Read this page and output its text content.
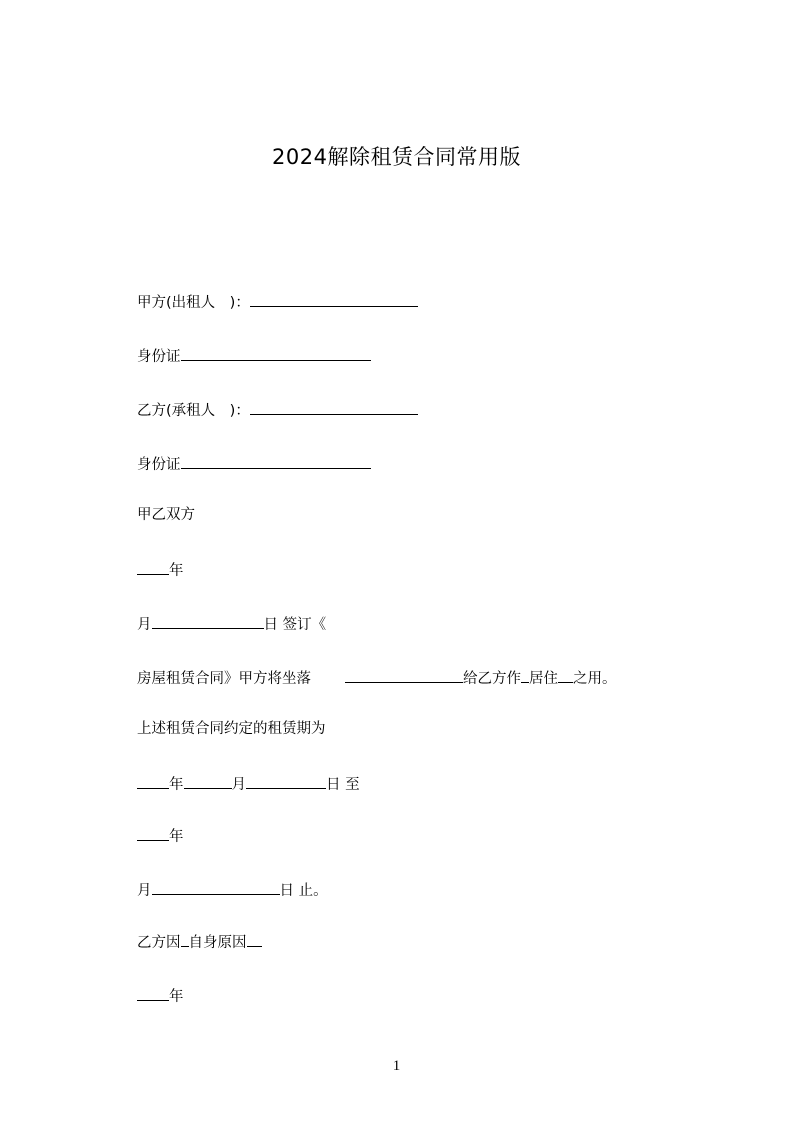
2024解除租赁合同常用版
甲方(出租人　)：
身份证
乙方(承租人　)：
身份证
甲乙双方
年
月	日 签订《
房屋租赁合同》甲方将坐落	给乙方作 居住 之用。
上述租赁合同约定的租赁期为
年	月	日 至
年
月	日 止。
乙方因 自身原因
年
1
